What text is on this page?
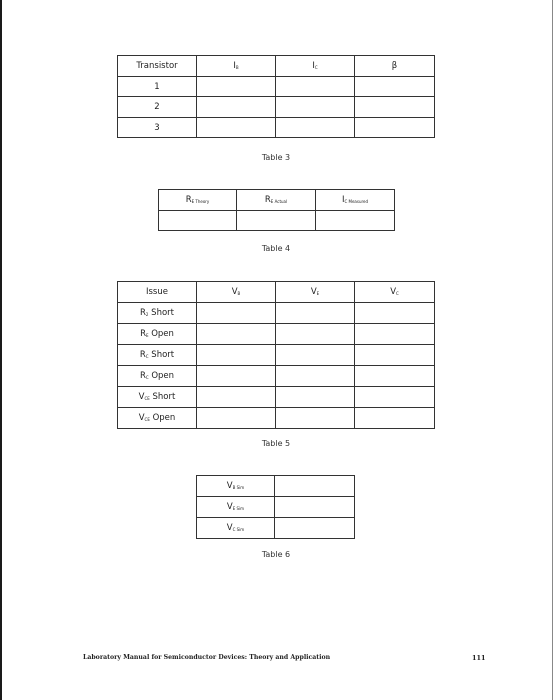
Transistor	$I_B$	$I_C$	β
1			
2			
3			
Table 3
$R_{E Theory}$	$R_{E Actual}$	$I_{C Measured}$

Table 4
Issue	$V_B$	$V_E$	$V_C$
$R_2$ Short			
$R_E$ Open			
$R_C$ Short			
$R_C$ Open			
$V_{CE}$ Short			
$V_{CE}$ Open			
Table 5
$V_{B Sim}$	
$V_{E Sim}$	
$V_{C Sim}$	
Table 6
Laboratory Manual for Semiconductor Devices: Theory and Application	111
